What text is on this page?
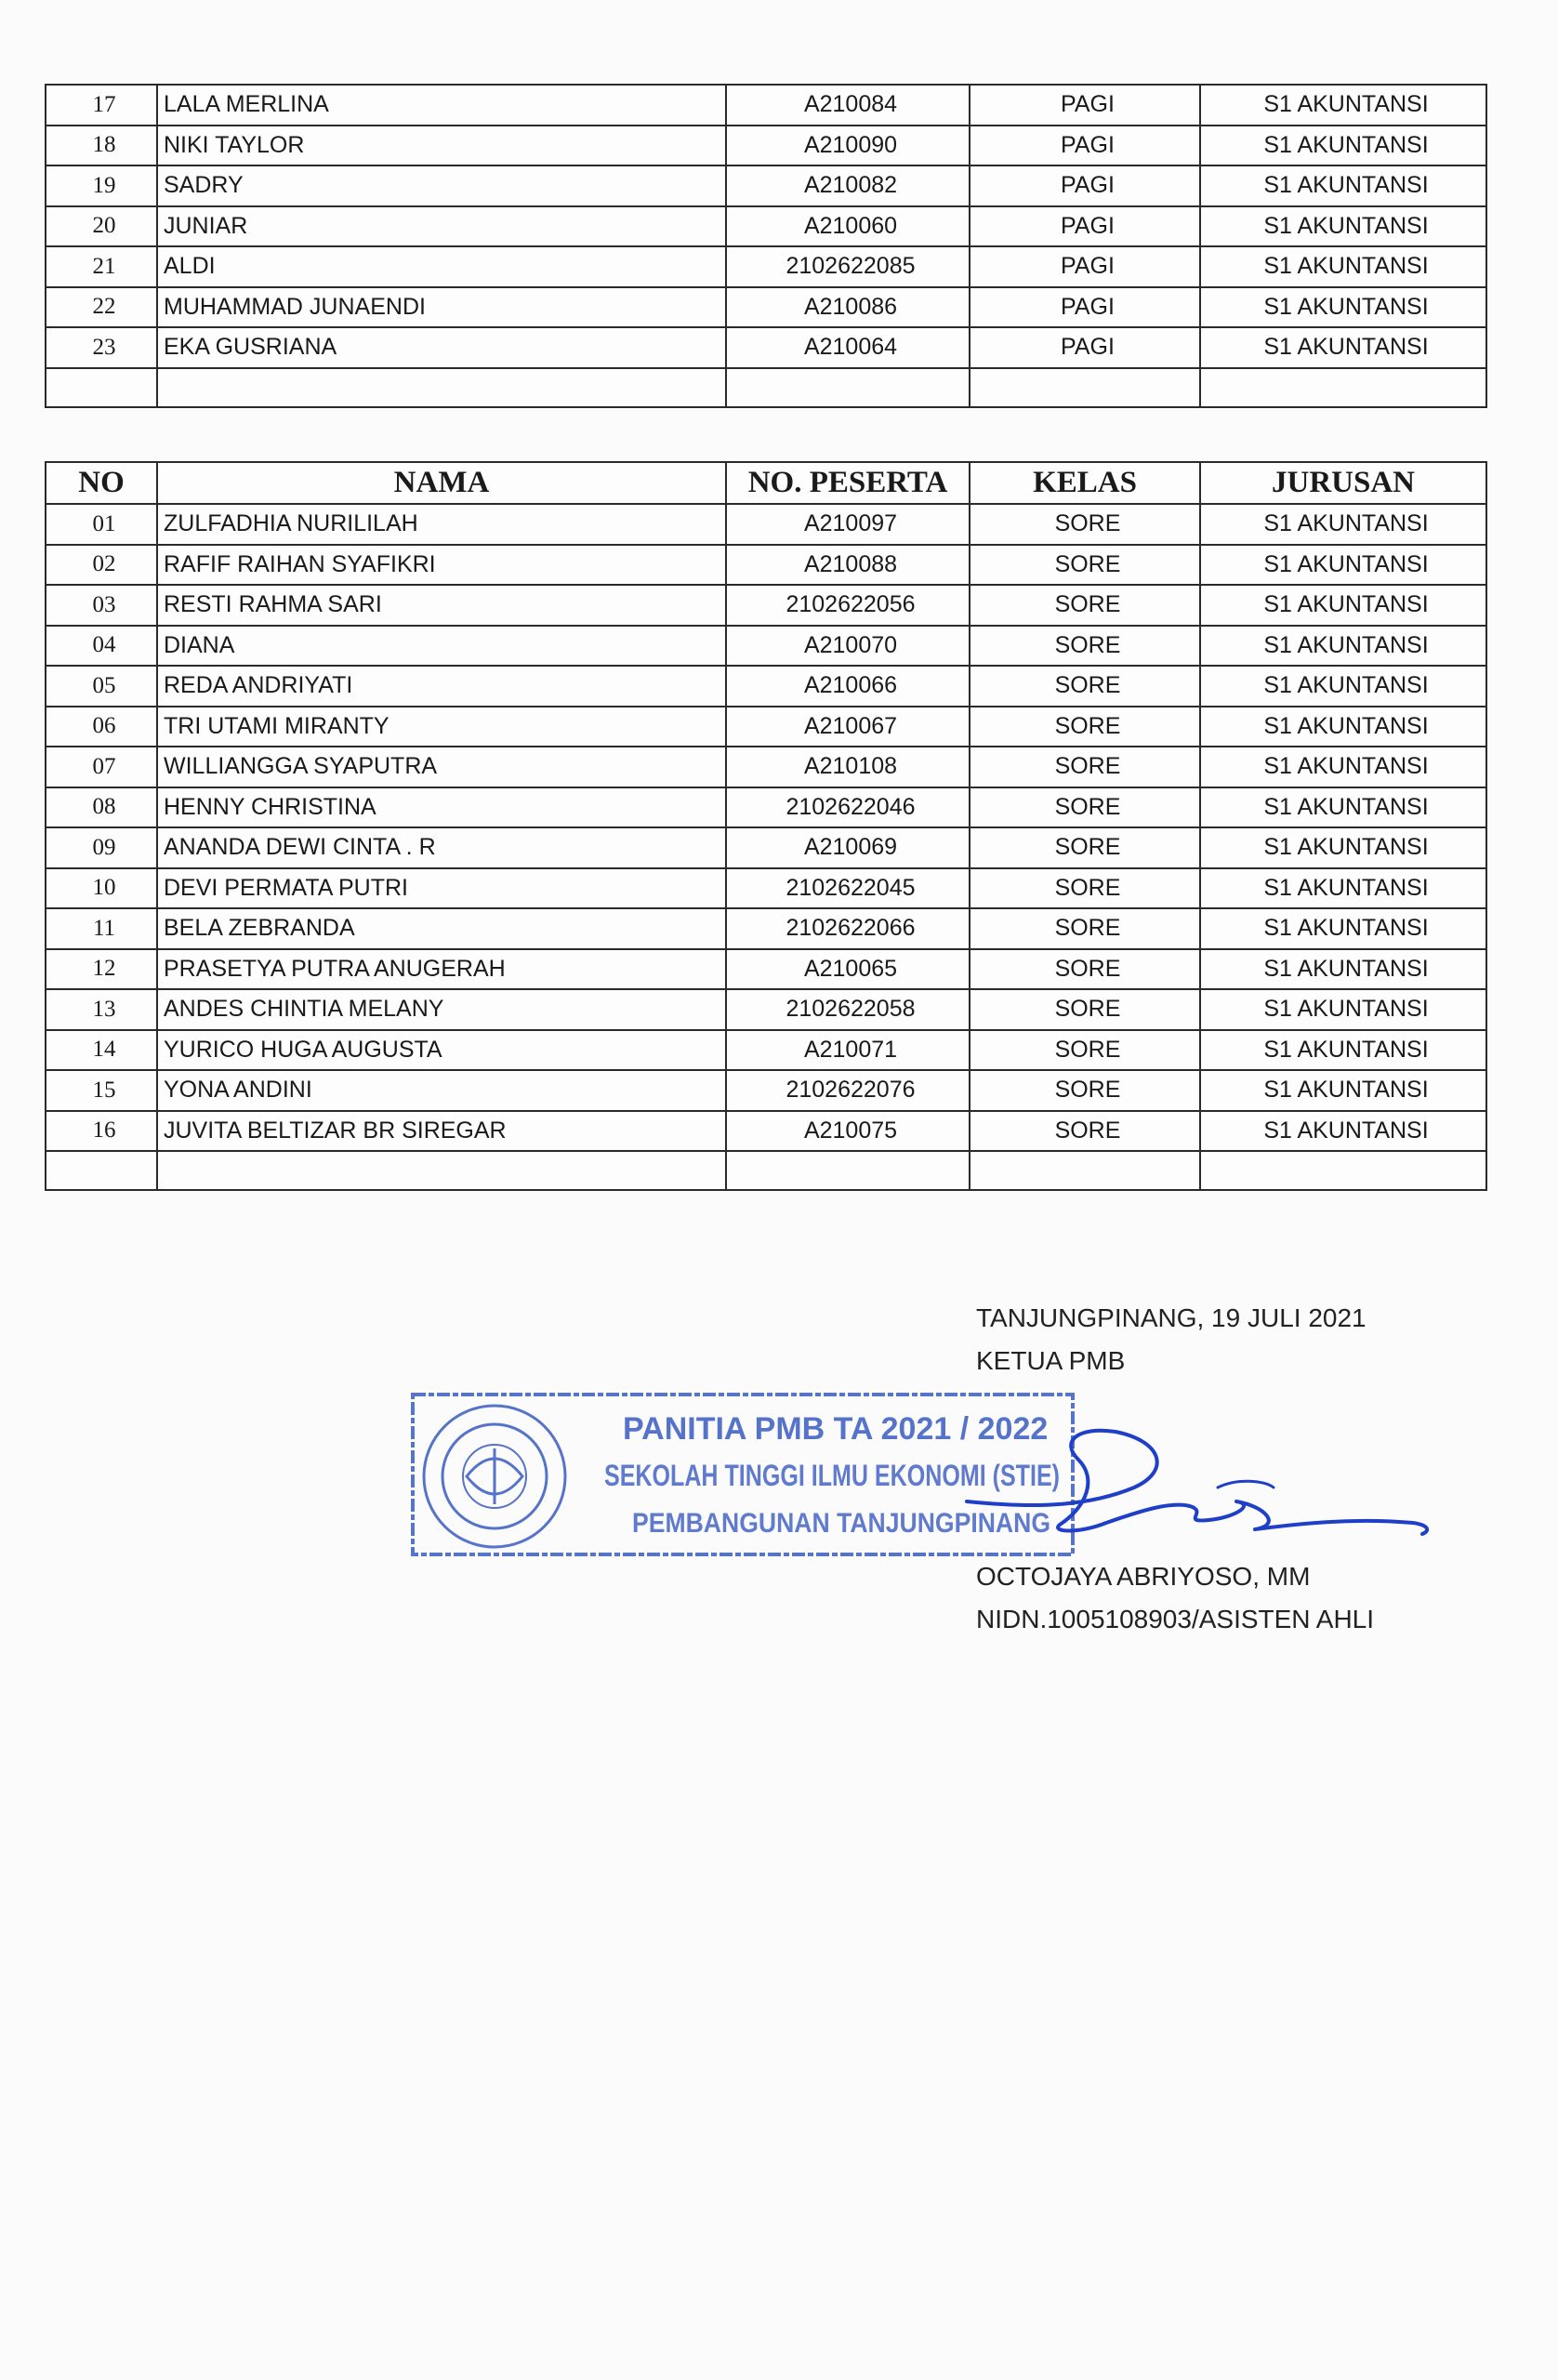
17	LALA MERLINA	A210084	PAGI	S1 AKUNTANSI
18	NIKI TAYLOR	A210090	PAGI	S1 AKUNTANSI
19	SADRY	A210082	PAGI	S1 AKUNTANSI
20	JUNIAR	A210060	PAGI	S1 AKUNTANSI
21	ALDI	2102622085	PAGI	S1 AKUNTANSI
22	MUHAMMAD JUNAENDI	A210086	PAGI	S1 AKUNTANSI
23	EKA GUSRIANA	A210064	PAGI	S1 AKUNTANSI

NO	NAMA	NO. PESERTA	KELAS	JURUSAN
01	ZULFADHIA NURILILAH	A210097	SORE	S1 AKUNTANSI
02	RAFIF RAIHAN SYAFIKRI	A210088	SORE	S1 AKUNTANSI
03	RESTI RAHMA SARI	2102622056	SORE	S1 AKUNTANSI
04	DIANA	A210070	SORE	S1 AKUNTANSI
05	REDA ANDRIYATI	A210066	SORE	S1 AKUNTANSI
06	TRI UTAMI MIRANTY	A210067	SORE	S1 AKUNTANSI
07	WILLIANGGA SYAPUTRA	A210108	SORE	S1 AKUNTANSI
08	HENNY CHRISTINA	2102622046	SORE	S1 AKUNTANSI
09	ANANDA DEWI CINTA . R	A210069	SORE	S1 AKUNTANSI
10	DEVI PERMATA PUTRI	2102622045	SORE	S1 AKUNTANSI
11	BELA ZEBRANDA	2102622066	SORE	S1 AKUNTANSI
12	PRASETYA PUTRA ANUGERAH	A210065	SORE	S1 AKUNTANSI
13	ANDES CHINTIA MELANY	2102622058	SORE	S1 AKUNTANSI
14	YURICO HUGA AUGUSTA	A210071	SORE	S1 AKUNTANSI
15	YONA ANDINI	2102622076	SORE	S1 AKUNTANSI
16	JUVITA BELTIZAR BR SIREGAR	A210075	SORE	S1 AKUNTANSI

TANJUNGPINANG, 19 JULI 2021
KETUA PMB
OCTOJAYA ABRIYOSO, MM
NIDN.1005108903/ASISTEN AHLI
PANITIA PMB TA 2021 / 2022
SEKOLAH TINGGI ILMU EKONOMI (STIE)
PEMBANGUNAN TANJUNGPINANG
